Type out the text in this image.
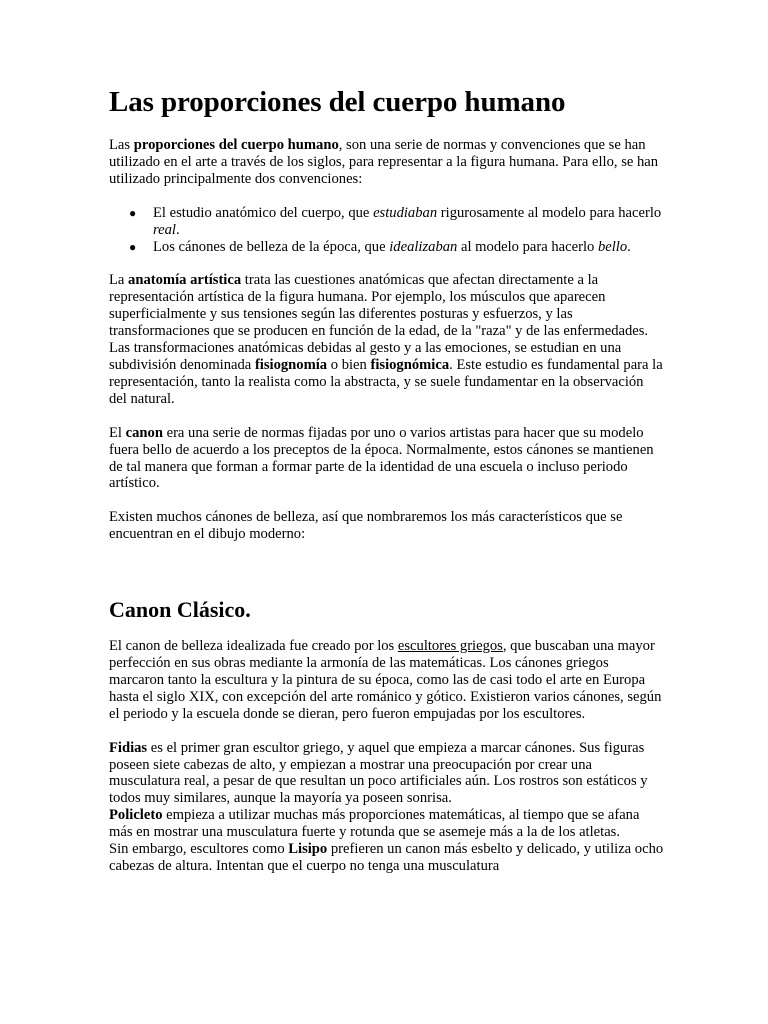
Las proporciones del cuerpo humano

Las proporciones del cuerpo humano, son una serie de normas y convenciones que se han utilizado en el arte a través de los siglos, para representar a la figura humana. Para ello, se han utilizado principalmente dos convenciones:

● El estudio anatómico del cuerpo, que estudiaban rigurosamente al modelo para hacerlo real.
● Los cánones de belleza de la época, que idealizaban al modelo para hacerlo bello.

La anatomía artística trata las cuestiones anatómicas que afectan directamente a la representación artística de la figura humana. Por ejemplo, los músculos que aparecen superficialmente y sus tensiones según las diferentes posturas y esfuerzos, y las transformaciones que se producen en función de la edad, de la "raza" y de las enfermedades. Las transformaciones anatómicas debidas al gesto y a las emociones, se estudian en una subdivisión denominada fisiognomía o bien fisiognómica. Este estudio es fundamental para la representación, tanto la realista como la abstracta, y se suele fundamentar en la observación del natural.

El canon era una serie de normas fijadas por uno o varios artistas para hacer que su modelo fuera bello de acuerdo a los preceptos de la época. Normalmente, estos cánones se mantienen de tal manera que forman a formar parte de la identidad de una escuela o incluso periodo artístico.

Existen muchos cánones de belleza, así que nombraremos los más característicos que se encuentran en el dibujo moderno:

Canon Clásico.

El canon de belleza idealizada fue creado por los escultores griegos, que buscaban una mayor perfección en sus obras mediante la armonía de las matemáticas. Los cánones griegos marcaron tanto la escultura y la pintura de su época, como las de casi todo el arte en Europa hasta el siglo XIX, con excepción del arte románico y gótico. Existieron varios cánones, según el periodo y la escuela donde se dieran, pero fueron empujadas por los escultores.

Fidias es el primer gran escultor griego, y aquel que empieza a marcar cánones. Sus figuras poseen siete cabezas de alto, y empiezan a mostrar una preocupación por crear una musculatura real, a pesar de que resultan un poco artificiales aún. Los rostros son estáticos y todos muy similares, aunque la mayoría ya poseen sonrisa.

Policleto empieza a utilizar muchas más proporciones matemáticas, al tiempo que se afana más en mostrar una musculatura fuerte y rotunda que se asemeje más a la de los atletas.

Sin embargo, escultores como Lisipo prefieren un canon más esbelto y delicado, y utiliza ocho cabezas de altura. Intentan que el cuerpo no tenga una musculatura
